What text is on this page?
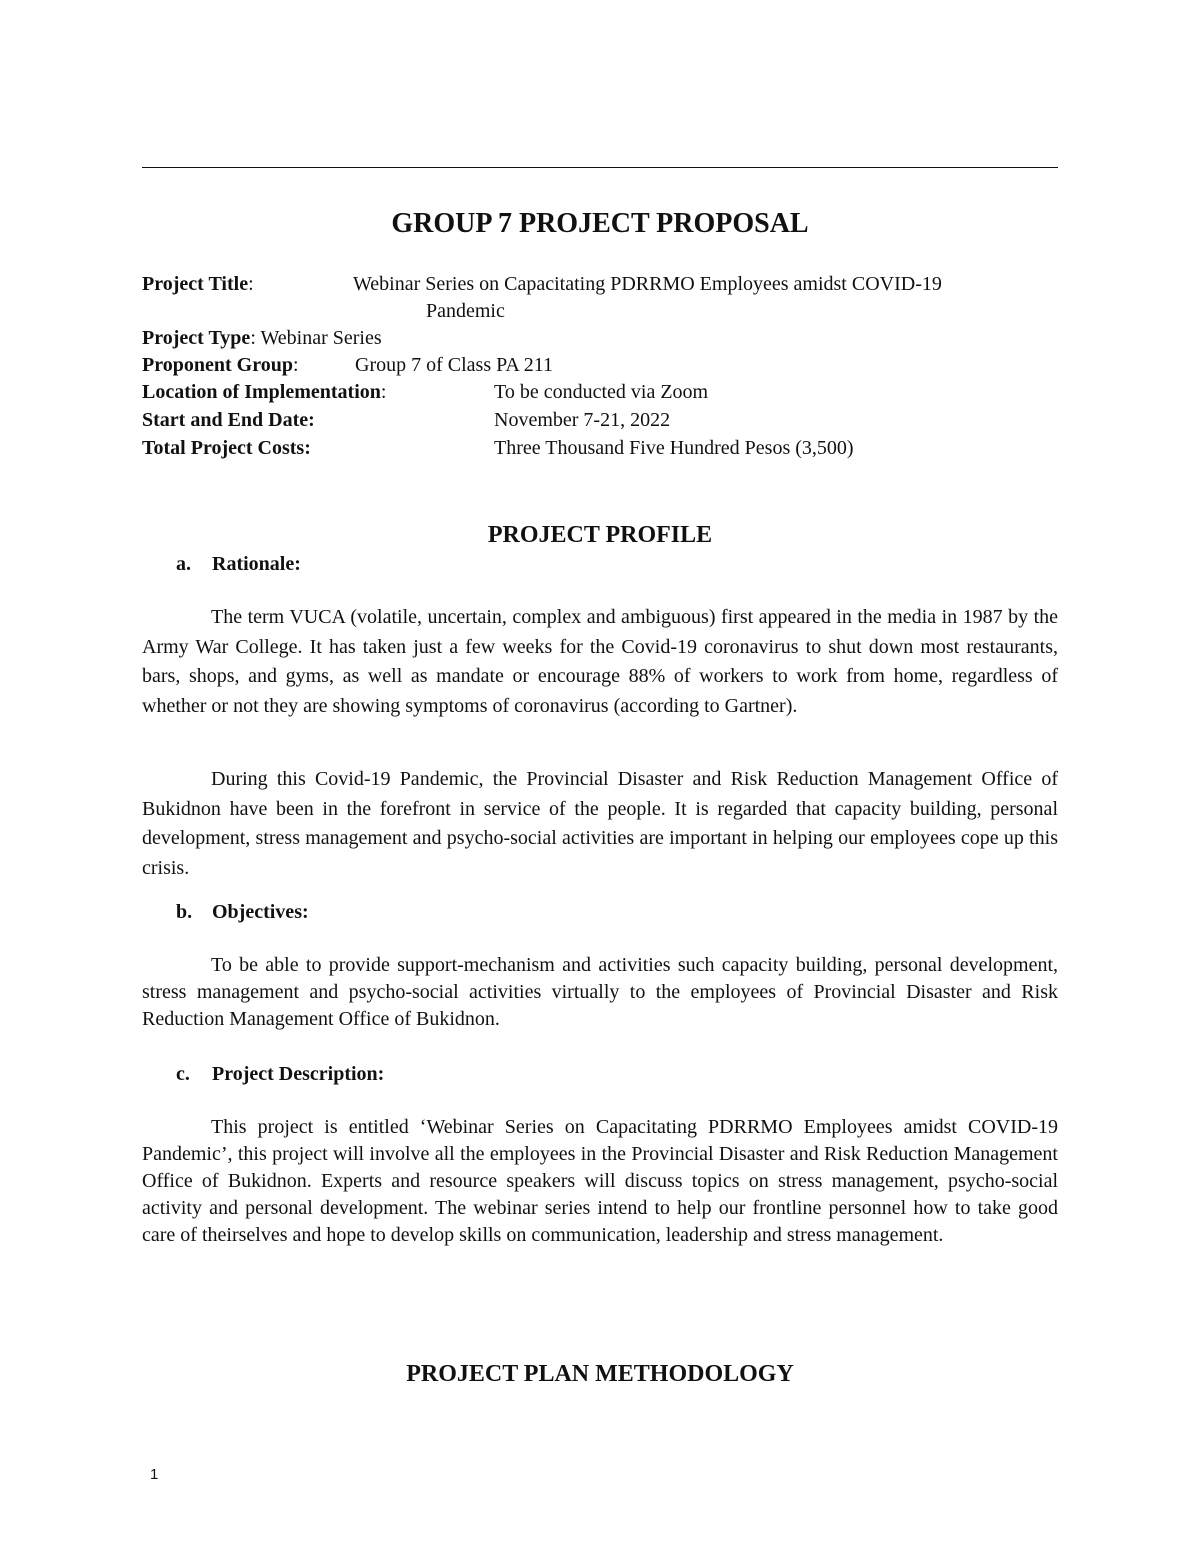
GROUP 7 PROJECT PROPOSAL
Project Title:	Webinar Series on Capacitating PDRRMO Employees amidst COVID-19
Pandemic
Project Type: Webinar Series
Proponent Group:	Group 7 of Class PA 211
Location of Implementation:	To be conducted via Zoom
Start and End Date:	November 7-21, 2022
Total Project Costs:	Three Thousand Five Hundred Pesos (3,500)
PROJECT PROFILE
a. Rationale:

The term VUCA (volatile, uncertain, complex and ambiguous) first appeared in the media in 1987 by the Army War College. It has taken just a few weeks for the Covid-19 coronavirus to shut down most restaurants, bars, shops, and gyms, as well as mandate or encourage 88% of workers to work from home, regardless of whether or not they are showing symptoms of coronavirus (according to Gartner).

During this Covid-19 Pandemic, the Provincial Disaster and Risk Reduction Management Office of Bukidnon have been in the forefront in service of the people. It is regarded that capacity building, personal development, stress management and psycho-social activities are important in helping our employees cope up this crisis.

b. Objectives:

To be able to provide support-mechanism and activities such capacity building, personal development, stress management and psycho-social activities virtually to the employees of Provincial Disaster and Risk Reduction Management Office of Bukidnon.

c. Project Description:

This project is entitled ‘Webinar Series on Capacitating PDRRMO Employees amidst COVID-19 Pandemic’, this project will involve all the employees in the Provincial Disaster and Risk Reduction Management Office of Bukidnon. Experts and resource speakers will discuss topics on stress management, psycho-social activity and personal development. The webinar series intend to help our frontline personnel how to take good care of theirselves and hope to develop skills on communication, leadership and stress management.

PROJECT PLAN METHODOLOGY
1
